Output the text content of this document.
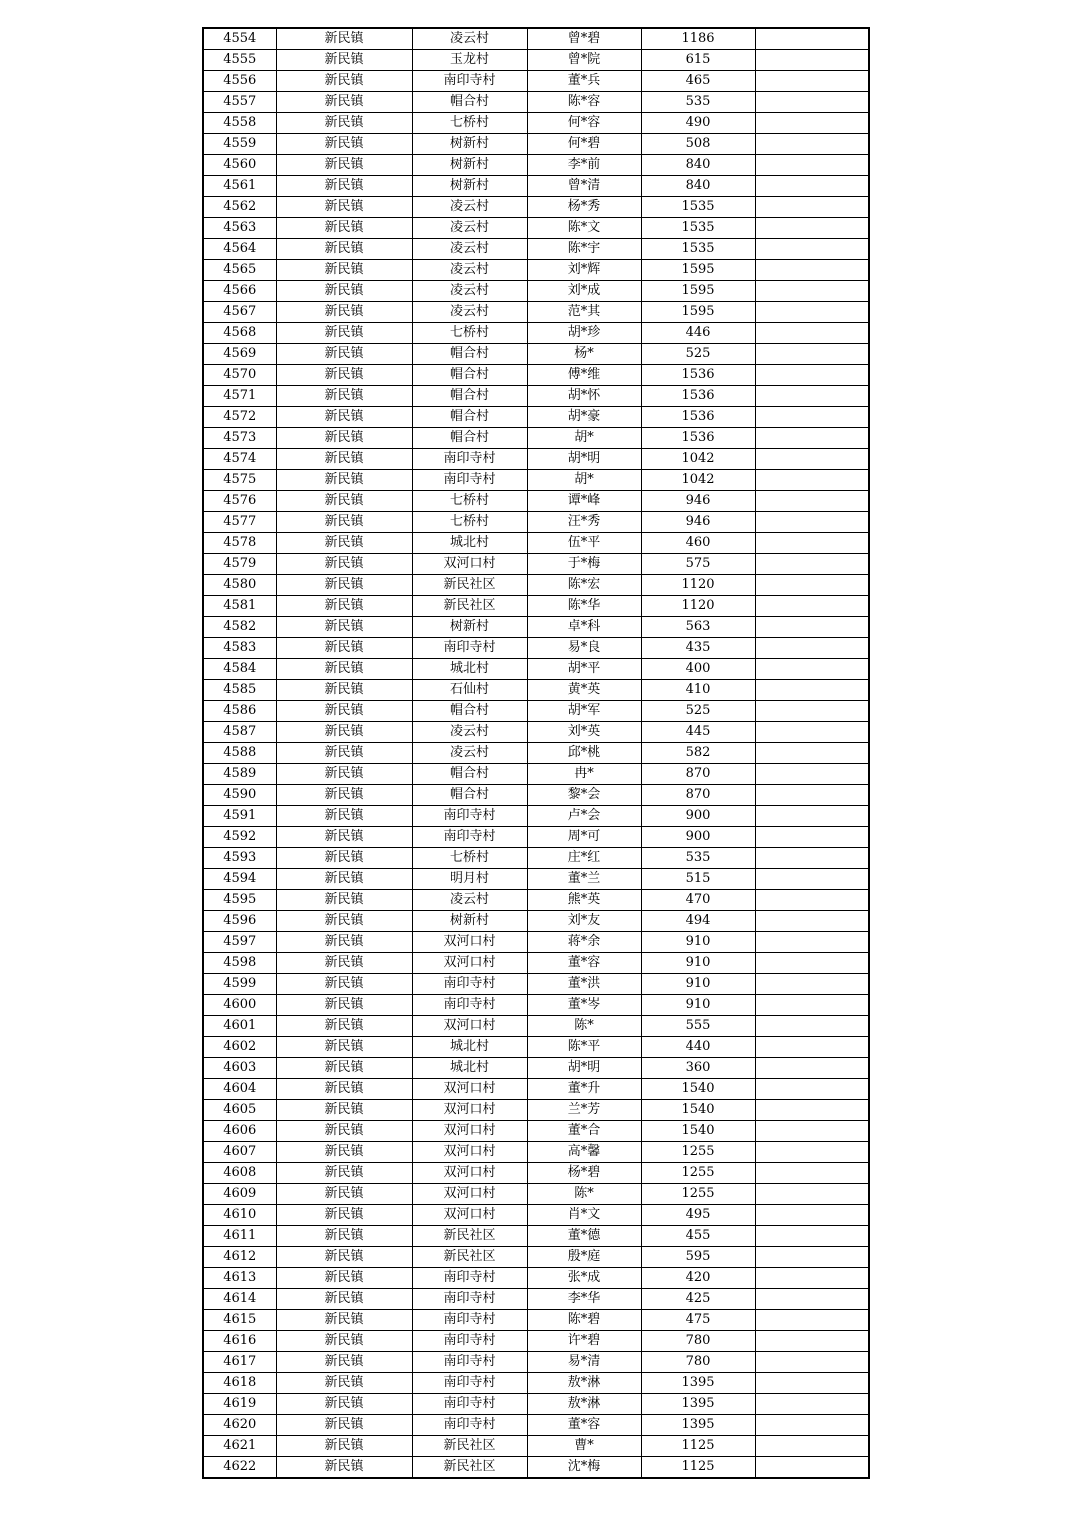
4554	新民镇	凌云村	曾*碧	1186	
4555	新民镇	玉龙村	曾*院	615	
4556	新民镇	南印寺村	董*兵	465	
4557	新民镇	帽合村	陈*容	535	
4558	新民镇	七桥村	何*容	490	
4559	新民镇	树新村	何*碧	508	
4560	新民镇	树新村	李*前	840	
4561	新民镇	树新村	曾*清	840	
4562	新民镇	凌云村	杨*秀	1535	
4563	新民镇	凌云村	陈*文	1535	
4564	新民镇	凌云村	陈*宇	1535	
4565	新民镇	凌云村	刘*辉	1595	
4566	新民镇	凌云村	刘*成	1595	
4567	新民镇	凌云村	范*其	1595	
4568	新民镇	七桥村	胡*珍	446	
4569	新民镇	帽合村	杨*	525	
4570	新民镇	帽合村	傅*维	1536	
4571	新民镇	帽合村	胡*怀	1536	
4572	新民镇	帽合村	胡*豪	1536	
4573	新民镇	帽合村	胡*	1536	
4574	新民镇	南印寺村	胡*明	1042	
4575	新民镇	南印寺村	胡*	1042	
4576	新民镇	七桥村	谭*峰	946	
4577	新民镇	七桥村	汪*秀	946	
4578	新民镇	城北村	伍*平	460	
4579	新民镇	双河口村	于*梅	575	
4580	新民镇	新民社区	陈*宏	1120	
4581	新民镇	新民社区	陈*华	1120	
4582	新民镇	树新村	卓*科	563	
4583	新民镇	南印寺村	易*良	435	
4584	新民镇	城北村	胡*平	400	
4585	新民镇	石仙村	黄*英	410	
4586	新民镇	帽合村	胡*军	525	
4587	新民镇	凌云村	刘*英	445	
4588	新民镇	凌云村	邱*桃	582	
4589	新民镇	帽合村	冉*	870	
4590	新民镇	帽合村	黎*会	870	
4591	新民镇	南印寺村	卢*会	900	
4592	新民镇	南印寺村	周*可	900	
4593	新民镇	七桥村	庄*红	535	
4594	新民镇	明月村	董*兰	515	
4595	新民镇	凌云村	熊*英	470	
4596	新民镇	树新村	刘*友	494	
4597	新民镇	双河口村	蒋*余	910	
4598	新民镇	双河口村	董*容	910	
4599	新民镇	南印寺村	董*洪	910	
4600	新民镇	南印寺村	董*岑	910	
4601	新民镇	双河口村	陈*	555	
4602	新民镇	城北村	陈*平	440	
4603	新民镇	城北村	胡*明	360	
4604	新民镇	双河口村	董*升	1540	
4605	新民镇	双河口村	兰*芳	1540	
4606	新民镇	双河口村	董*合	1540	
4607	新民镇	双河口村	高*馨	1255	
4608	新民镇	双河口村	杨*碧	1255	
4609	新民镇	双河口村	陈*	1255	
4610	新民镇	双河口村	肖*文	495	
4611	新民镇	新民社区	董*德	455	
4612	新民镇	新民社区	殷*庭	595	
4613	新民镇	南印寺村	张*成	420	
4614	新民镇	南印寺村	李*华	425	
4615	新民镇	南印寺村	陈*碧	475	
4616	新民镇	南印寺村	许*碧	780	
4617	新民镇	南印寺村	易*清	780	
4618	新民镇	南印寺村	敖*淋	1395	
4619	新民镇	南印寺村	敖*淋	1395	
4620	新民镇	南印寺村	董*容	1395	
4621	新民镇	新民社区	曹*	1125	
4622	新民镇	新民社区	沈*梅	1125	
